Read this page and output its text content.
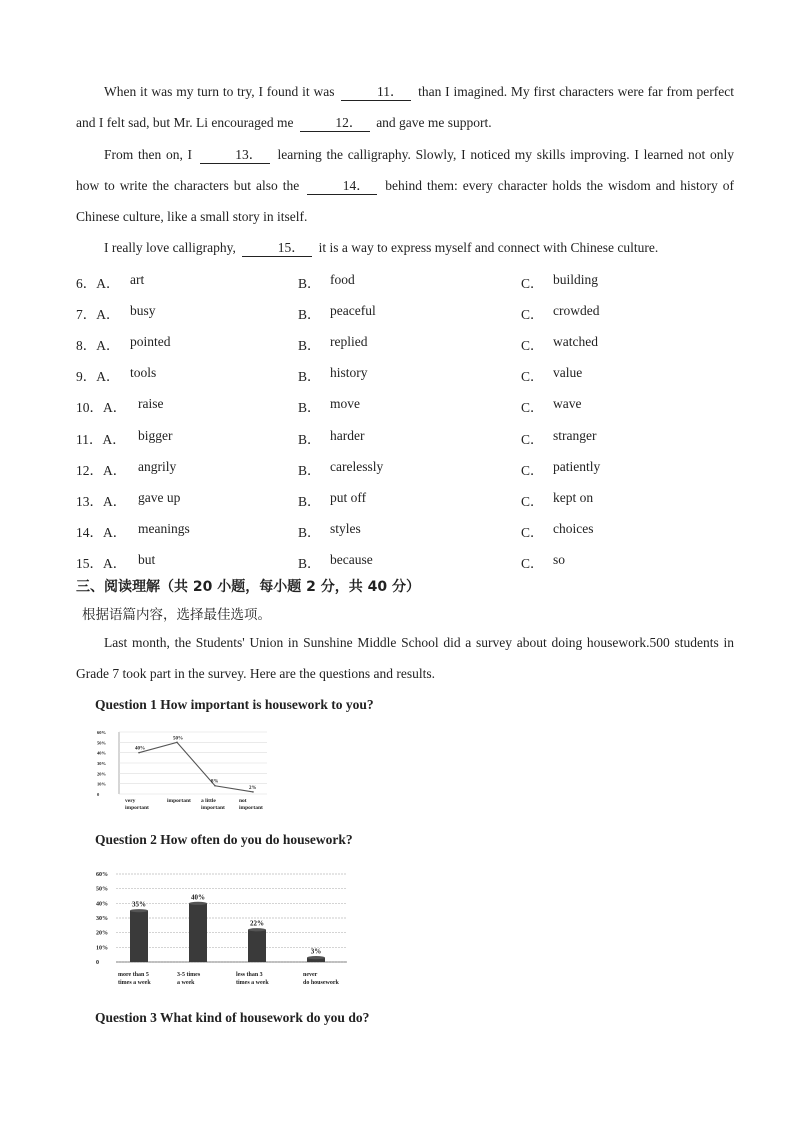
When it was my turn to try, I found it was	11． than I imagined. My first characters were far from perfect and I felt sad, but Mr. Li encouraged me	12． and gave me support.
From then on, I	13． learning the calligraphy. Slowly, I noticed my skills improving. I learned not only how to write the characters but also the	14． behind them: every character holds the wisdom and history of Chinese culture, like a small story in itself.
I really love calligraphy,	15． it is a way to express myself and connect with Chinese culture.
6．A． art	B． food	C． building
7．A． busy	B． peaceful	C． crowded
8．A． pointed	B． replied	C． watched
9．A． tools	B． history	C． value
10．A． raise	B． move	C． wave
11．A． bigger	B． harder	C． stranger
12．A． angrily	B． carelessly	C． patiently
13．A． gave up	B． put off	C． kept on
14．A． meanings	B． styles	C． choices
15．A． but	B． because	C． so
三、阅读理解（共 20 小题，每小题 2 分，共 40 分）
根据语篇内容，选择最佳选项。
Last month, the Students' Union in Sunshine Middle School did a survey about doing housework.500 students in Grade 7 took part in the survey. Here are the questions and results.
Question 1 How important is housework to you?
60%
50%
40%
30%
20%
10%
0
40%
50%
8%
2%
very
important
important a little
important
not
important
Question 2 How often do you do housework?
60%
50%
40%
30%
20%
10%
0
35%
more than 5
times a week
40%
3-5 times
a week
22%
less than 3
times a week
3%
never
do housework
Question 3 What kind of housework do you do?
